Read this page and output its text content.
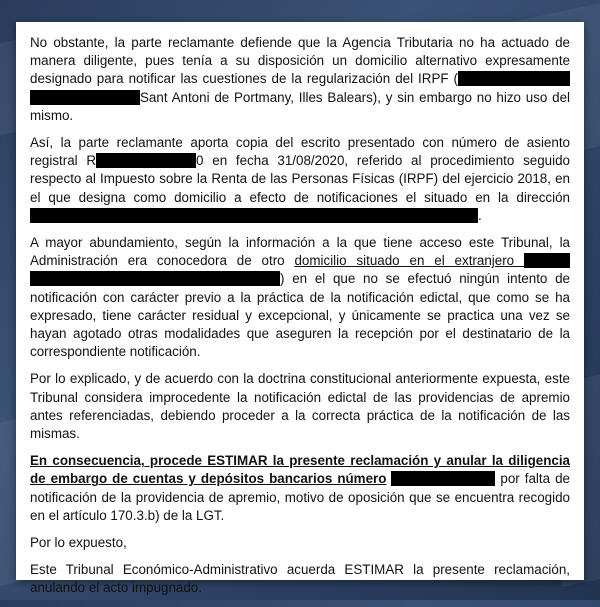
No obstante, la parte reclamante defiende que la Agencia Tributaria no ha actuado de manera diligente, pues tenía a su disposición un domicilio alternativo expresamente designado para notificar las cuestiones de la regularización del IRPF ( Sant Antoni de Portmany, Illes Balears), y sin embargo no hizo uso del mismo.

Así, la parte reclamante aporta copia del escrito presentado con número de asiento registral R	0 en fecha 31/08/2020, referido al procedimiento seguido respecto al Impuesto sobre la Renta de las Personas Físicas (IRPF) del ejercicio 2018, en el que designa como domicilio a efecto de notificaciones el situado en la dirección .

A mayor abundamiento, según la información a la que tiene acceso este Tribunal, la Administración era conocedora de otro domicilio situado en el extranjero  ) en el que no se efectuó ningún intento de notificación con carácter previo a la práctica de la notificación edictal, que como se ha expresado, tiene carácter residual y excepcional, y únicamente se practica una vez se hayan agotado otras modalidades que aseguren la recepción por el destinatario de la correspondiente notificación.

Por lo explicado, y de acuerdo con la doctrina constitucional anteriormente expuesta, este Tribunal considera improcedente la notificación edictal de las providencias de apremio antes referenciadas, debiendo proceder a la correcta práctica de la notificación de las mismas.

En consecuencia, procede ESTIMAR la presente reclamación y anular la diligencia de embargo de cuentas y depósitos bancarios número	por falta de notificación de la providencia de apremio, motivo de oposición que se encuentra recogido en el artículo 170.3.b) de la LGT.

Por lo expuesto,

Este Tribunal Económico-Administrativo acuerda ESTIMAR la presente reclamación, anulando el acto impugnado.
